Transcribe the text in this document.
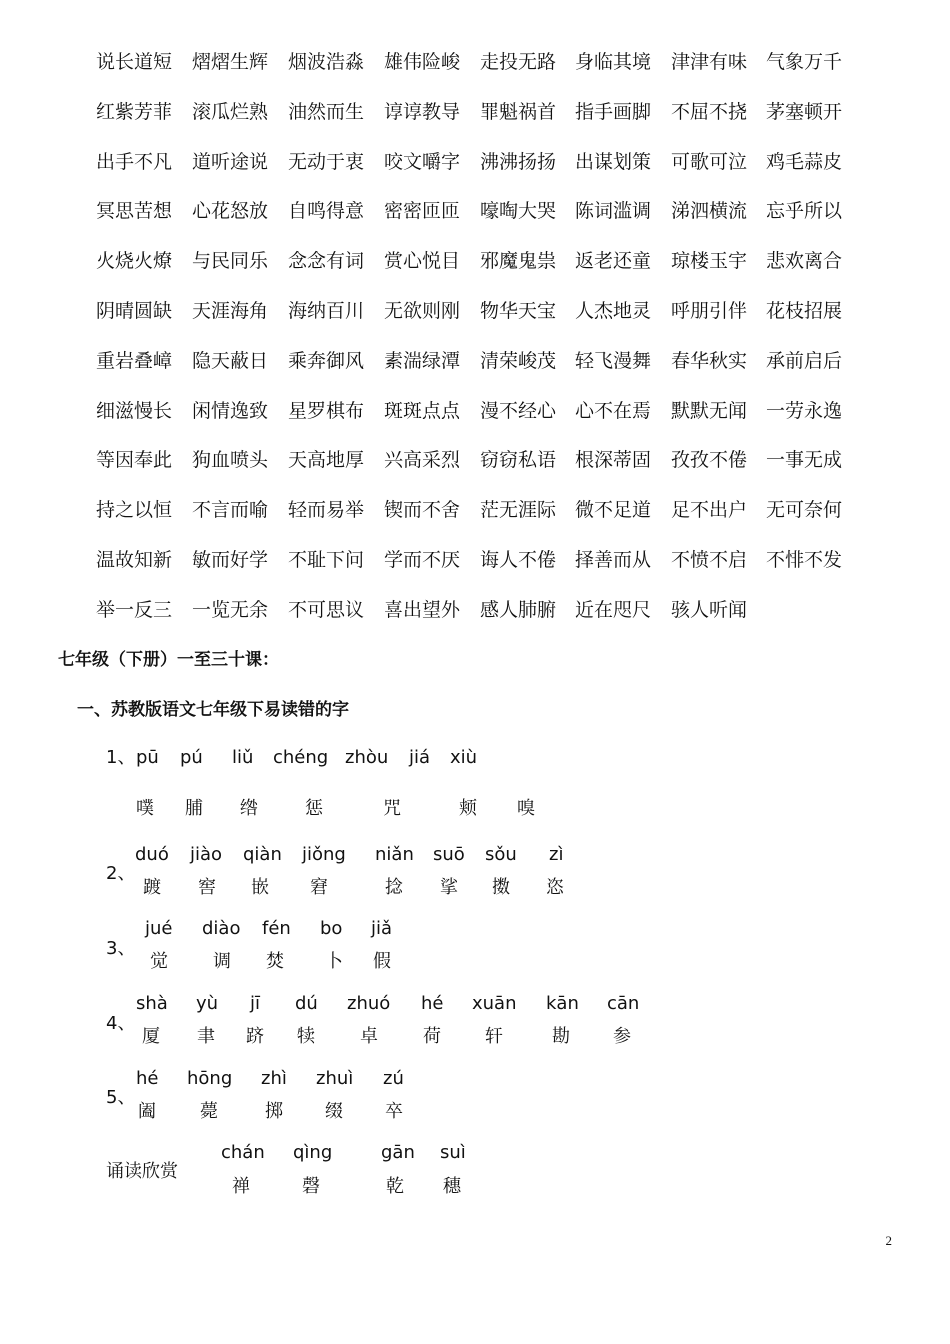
说长道短 熠熠生辉 烟波浩淼 雄伟险峻 走投无路 身临其境 津津有味 气象万千
红紫芳菲 滚瓜烂熟 油然而生 谆谆教导 罪魁祸首 指手画脚 不屈不挠 茅塞顿开
出手不凡 道听途说 无动于衷 咬文嚼字 沸沸扬扬 出谋划策 可歌可泣 鸡毛蒜皮
冥思苦想 心花怒放 自鸣得意 密密匝匝 嚎啕大哭 陈词滥调 涕泗横流 忘乎所以
火烧火燎 与民同乐 念念有词 赏心悦目 邪魔鬼祟 返老还童 琼楼玉宇 悲欢离合
阴晴圆缺 天涯海角 海纳百川 无欲则刚 物华天宝 人杰地灵 呼朋引伴 花枝招展
重岩叠嶂 隐天蔽日 乘奔御风 素湍绿潭 清荣峻茂 轻飞漫舞 春华秋实 承前启后
细滋慢长 闲情逸致 星罗棋布 斑斑点点 漫不经心 心不在焉 默默无闻 一劳永逸
等因奉此 狗血喷头 天高地厚 兴高采烈 窃窃私语 根深蒂固 孜孜不倦 一事无成
持之以恒 不言而喻 轻而易举 锲而不舍 茫无涯际 微不足道 足不出户 无可奈何
温故知新 敏而好学 不耻下问 学而不厌 诲人不倦 择善而从 不愤不启 不悱不发
举一反三 一览无余 不可思议 喜出望外 感人肺腑 近在咫尺 骇人听闻
七年级（下册）一至三十课：
一、苏教版语文七年级下易读错的字
1、 pū pú liǔ chéng zhòu jiá xiù
噗 脯 绺	惩	咒	颊 嗅
2、
duó jiào qiàn jiǒng niǎn suō sǒu zì
踱 窖 嵌 窘	捻 挲 擞 恣
3、
jué diào fén bo jiǎ
觉	调 焚 卜 假
4、
shà yù jī dú zhuó hé xuān kān cān
厦 聿 跻 犊	卓	荷 轩	勘 参
5、
hé hōng zhì zhuì zú
阖 薨	掷 缀 卒
诵读欣赏
chán qìng	gān suì
禅	磬	乾 穗
2
